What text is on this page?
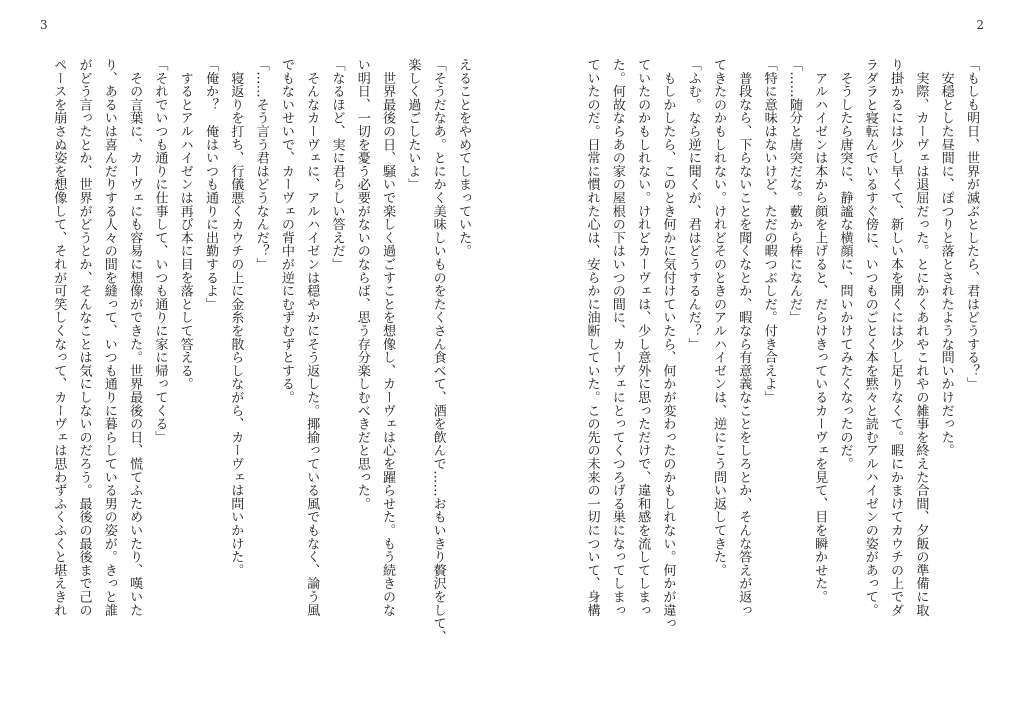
2
「もしも明日、世界が滅ぶとしたら、君はどうする？」
　安穏とした昼間に、ぽつりと落とされたような問いかけだった。
　実際、カーヴェは退屈だった。とにかくあれやこれやの雑事を終えた合間、夕飯の準備に取
り掛かるには少し早くて、新しい本を開くには少し足りなくて。暇にかまけてカウチの上でダ
ラダラと寝転んでいるすぐ傍に、いつものごとく本を黙々と読むアルハイゼンの姿があって。
　そうしたら唐突に、静謐な横顔に、問いかけてみたくなったのだ。
　アルハイゼンは本から顔を上げると、だらけきっているカーヴェを見て、目を瞬かせた。
「……随分と唐突だな。藪から棒になんだ」
「特に意味はないけど、ただの暇つぶしだ。付き合えよ」
　普段なら、下らないことを聞くなとか、暇なら有意義なことをしろとか、そんな答えが返っ
てきたのかもしれない。けれどそのときのアルハイゼンは、逆にこう問い返してきた。
「ふむ。なら逆に聞くが、君はどうするんだ？」
　もしかしたら、このとき何かに気付けていたら、何かが変わったのかもしれない。何かが違っ
ていたのかもしれない。けれどカーヴェは、少し意外に思っただけで、違和感を流してしまっ
た。何故ならあの家の屋根の下はいつの間に、カーヴェにとってくつろげる巣になってしまっ
ていたのだ。日常に慣れた心は、安らかに油断していた。この先の未来の一切について、身構
3
えることをやめてしまっていた。
「そうだなあ。とにかく美味しいものをたくさん食べて、酒を飲んで……おもいきり贅沢をして、
楽しく過ごしたいよ」
　世界最後の日、騒いで楽しく過ごすことを想像し、カーヴェは心を躍らせた。もう続きのな
い明日、一切を憂う必要がないのならば、思う存分楽しむべきだと思った。
「なるほど、実に君らしい答えだ」
　そんなカーヴェに、アルハイゼンは穏やかにそう返した。揶揄っている風でもなく、論う風
でもないせいで、カーヴェの背中が逆にむずむずとする。
「……そう言う君はどうなんだ？」
　寝返りを打ち、行儀悪くカウチの上に金糸を散らしながら、カーヴェは問いかけた。
「俺か？　俺はいつも通りに出勤するよ」
　するとアルハイゼンは再び本に目を落として答える。
「それでいつも通りに仕事して、いつも通りに家に帰ってくる」
　その言葉に、カーヴェにも容易に想像ができた。世界最後の日、慌てふためいたり、嘆いた
り、あるいは喜んだりする人々の間を縫って、いつも通りに暮らしている男の姿が。きっと誰
がどう言ったとか、世界がどうとか、そんなことは気にしないのだろう。最後の最後まで己の
ペースを崩さぬ姿を想像して、それが可笑しくなって、カーヴェは思わずふくふくと堪えきれ
